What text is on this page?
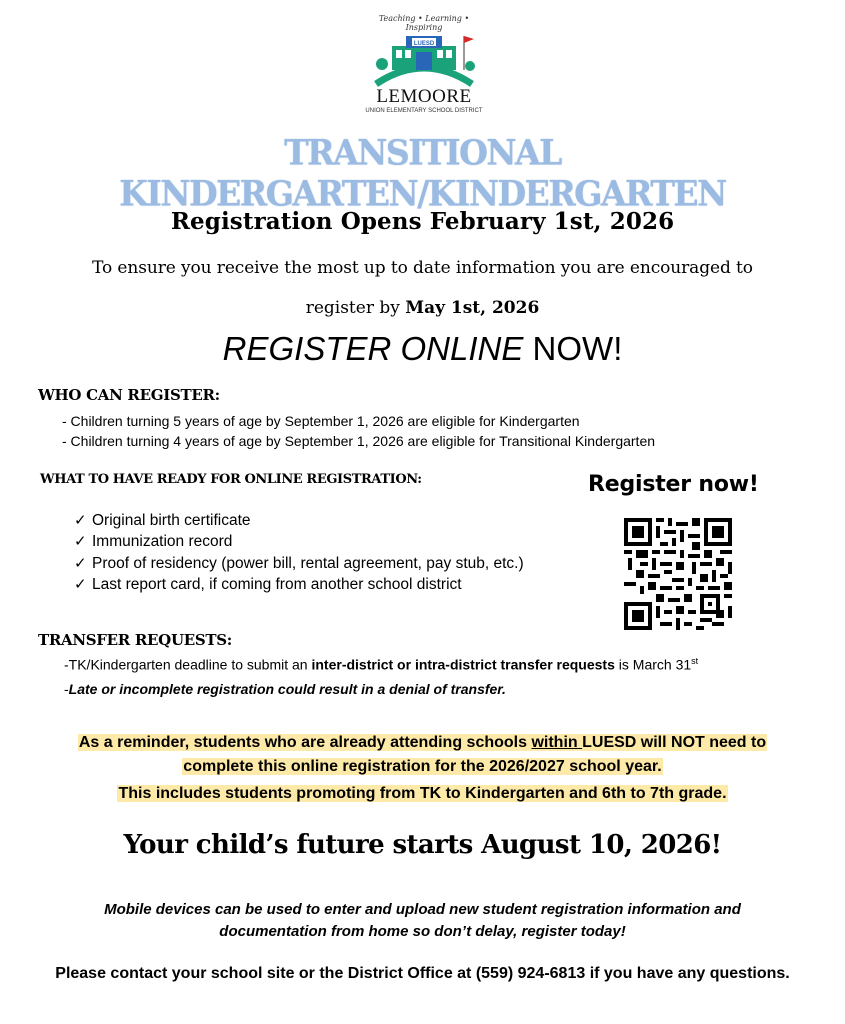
Teaching • Learning • Inspiring
LUESD
LEMOORE
UNION ELEMENTARY SCHOOL DISTRICT
TRANSITIONAL KINDERGARTEN/KINDERGARTEN
Registration Opens February 1st, 2026
To ensure you receive the most up to date information you are encouraged to
register by May 1st, 2026
REGISTER ONLINE NOW!
WHO CAN REGISTER:
- Children turning 5 years of age by September 1, 2026 are eligible for Kindergarten
- Children turning 4 years of age by September 1, 2026 are eligible for Transitional Kindergarten
WHAT TO HAVE READY FOR ONLINE REGISTRATION:
✓ Original birth certificate
✓ Immunization record
✓ Proof of residency (power bill, rental agreement, pay stub, etc.)
✓ Last report card, if coming from another school district
Register now!
TRANSFER REQUESTS:
-TK/Kindergarten deadline to submit an inter-district or intra-district transfer requests is March 31st
-Late or incomplete registration could result in a denial of transfer.
As a reminder, students who are already attending schools within LUESD will NOT need to
complete this online registration for the 2026/2027 school year.
This includes students promoting from TK to Kindergarten and 6th to 7th grade.
Your child’s future starts August 10, 2026!
Mobile devices can be used to enter and upload new student registration information and
documentation from home so don’t delay, register today!
Please contact your school site or the District Office at (559) 924-6813 if you have any questions.
